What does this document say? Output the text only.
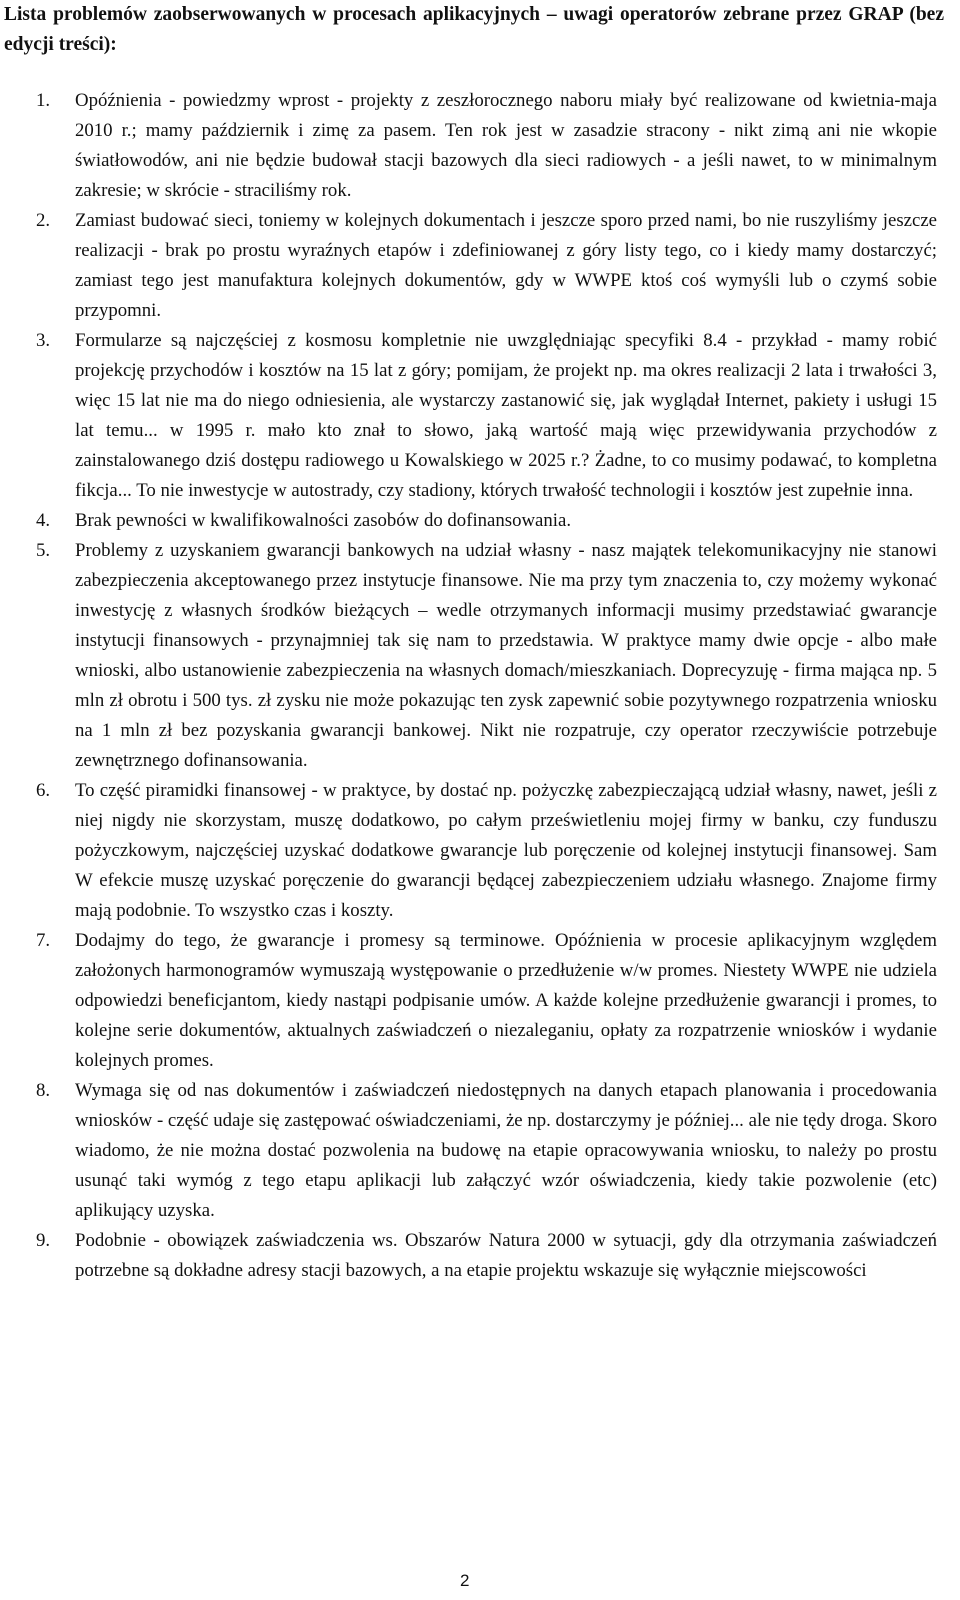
Lista problemów zaobserwowanych w procesach aplikacyjnych – uwagi operatorów zebrane przez GRAP (bez edycji treści):

1. Opóźnienia - powiedzmy wprost - projekty z zeszłorocznego naboru miały być realizowane od kwietnia-maja 2010 r.; mamy październik i zimę za pasem. Ten rok jest w zasadzie stracony - nikt zimą ani nie wkopie światłowodów, ani nie będzie budował stacji bazowych dla sieci radiowych - a jeśli nawet, to w minimalnym zakresie; w skrócie - straciliśmy rok.
2. Zamiast budować sieci, toniemy w kolejnych dokumentach i jeszcze sporo przed nami, bo nie ruszyliśmy jeszcze realizacji - brak po prostu wyraźnych etapów i zdefiniowanej z góry listy tego, co i kiedy mamy dostarczyć; zamiast tego jest manufaktura kolejnych dokumentów, gdy w WWPE ktoś coś wymyśli lub o czymś sobie przypomni.
3. Formularze są najczęściej z kosmosu kompletnie nie uwzględniając specyfiki 8.4 - przykład - mamy robić projekcję przychodów i kosztów na 15 lat z góry; pomijam, że projekt np. ma okres realizacji 2 lata i trwałości 3, więc 15 lat nie ma do niego odniesienia, ale wystarczy zastanowić się, jak wyglądał Internet, pakiety i usługi 15 lat temu... w 1995 r. mało kto znał to słowo, jaką wartość mają więc przewidywania przychodów z zainstalowanego dziś dostępu radiowego u Kowalskiego w 2025 r.? Żadne, to co musimy podawać, to kompletna fikcja... To nie inwestycje w autostrady, czy stadiony, których trwałość technologii i kosztów jest zupełnie inna.
4. Brak pewności w kwalifikowalności zasobów do dofinansowania.
5. Problemy z uzyskaniem gwarancji bankowych na udział własny - nasz majątek telekomunikacyjny nie stanowi zabezpieczenia akceptowanego przez instytucje finansowe. Nie ma przy tym znaczenia to, czy możemy wykonać inwestycję z własnych środków bieżących – wedle otrzymanych informacji musimy przedstawiać gwarancje instytucji finansowych - przynajmniej tak się nam to przedstawia. W praktyce mamy dwie opcje - albo małe wnioski, albo ustanowienie zabezpieczenia na własnych domach/mieszkaniach. Doprecyzuję - firma mająca np. 5 mln zł obrotu i 500 tys. zł zysku nie może pokazując ten zysk zapewnić sobie pozytywnego rozpatrzenia wniosku na 1 mln zł bez pozyskania gwarancji bankowej. Nikt nie rozpatruje, czy operator rzeczywiście potrzebuje zewnętrznego dofinansowania.
6. To część piramidki finansowej - w praktyce, by dostać np. pożyczkę zabezpieczającą udział własny, nawet, jeśli z niej nigdy nie skorzystam, muszę dodatkowo, po całym prześwietleniu mojej firmy w banku, czy funduszu pożyczkowym, najczęściej uzyskać dodatkowe gwarancje lub poręczenie od kolejnej instytucji finansowej. Sam W efekcie muszę uzyskać poręczenie do gwarancji będącej zabezpieczeniem udziału własnego. Znajome firmy mają podobnie. To wszystko czas i koszty.
7. Dodajmy do tego, że gwarancje i promesy są terminowe. Opóźnienia w procesie aplikacyjnym względem założonych harmonogramów wymuszają występowanie o przedłużenie w/w promes. Niestety WWPE nie udziela odpowiedzi beneficjantom, kiedy nastąpi podpisanie umów. A każde kolejne przedłużenie gwarancji i promes, to kolejne serie dokumentów, aktualnych zaświadczeń o niezaleganiu, opłaty za rozpatrzenie wniosków i wydanie kolejnych promes.
8. Wymaga się od nas dokumentów i zaświadczeń niedostępnych na danych etapach planowania i procedowania wniosków - część udaje się zastępować oświadczeniami, że np. dostarczymy je później... ale nie tędy droga. Skoro wiadomo, że nie można dostać pozwolenia na budowę na etapie opracowywania wniosku, to należy po prostu usunąć taki wymóg z tego etapu aplikacji lub załączyć wzór oświadczenia, kiedy takie pozwolenie (etc) aplikujący uzyska.
9. Podobnie - obowiązek zaświadczenia ws. Obszarów Natura 2000 w sytuacji, gdy dla otrzymania zaświadczeń potrzebne są dokładne adresy stacji bazowych, a na etapie projektu wskazuje się wyłącznie miejscowości
2
